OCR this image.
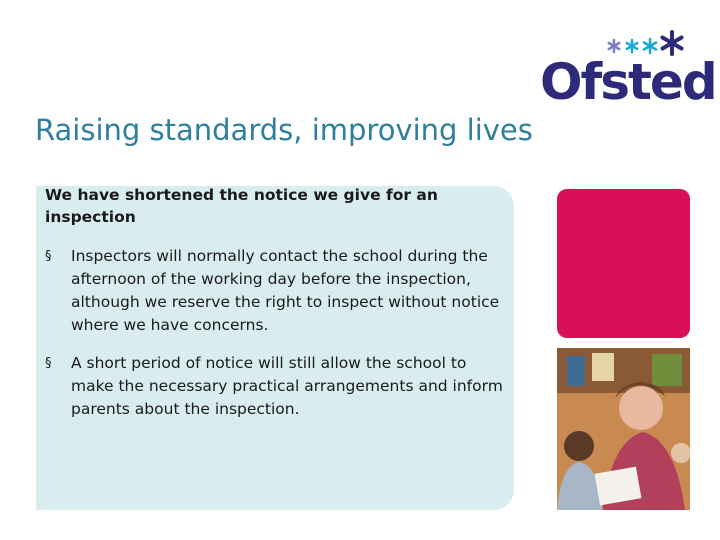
Ofsted
Raising standards, improving lives
We have shortened the notice we give for an inspection
§ Inspectors will normally contact the school during the afternoon of the working day before the inspection, although we reserve the right to inspect without notice where we have concerns.
§ A short period of notice will still allow the school to make the necessary practical arrangements and inform parents about the inspection.
